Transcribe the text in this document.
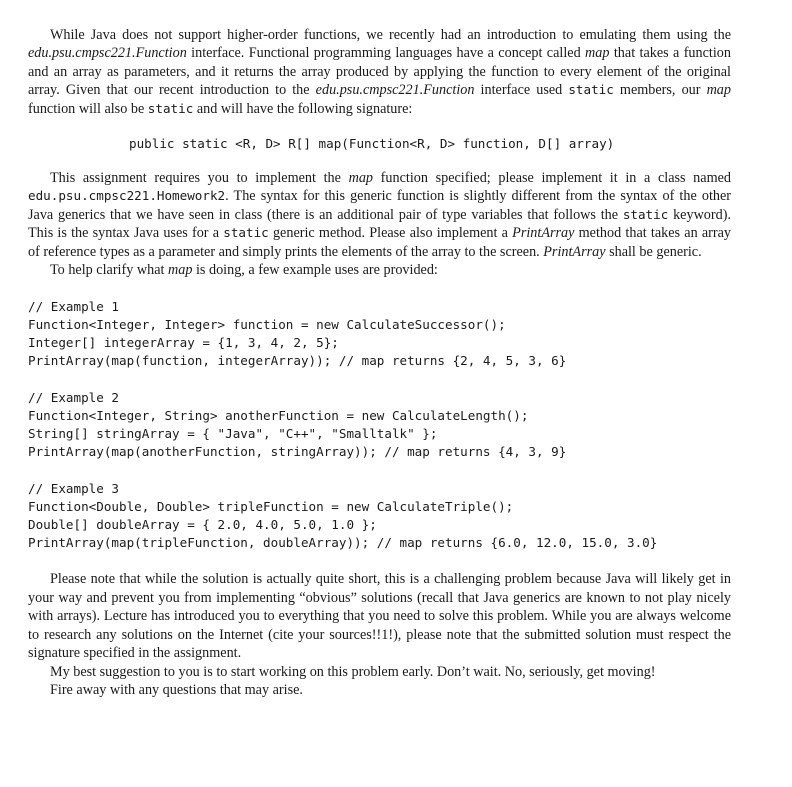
While Java does not support higher-order functions, we recently had an introduction to emulating them using the edu.psu.cmpsc221.Function interface. Functional programming languages have a concept called map that takes a function and an array as parameters, and it returns the array produced by applying the function to every element of the original array. Given that our recent introduction to the edu.psu.cmpsc221.Function interface used static members, our map function will also be static and will have the following signature:

public static <R, D> R[] map(Function<R, D> function, D[] array)

This assignment requires you to implement the map function specified; please implement it in a class named edu.psu.cmpsc221.Homework2. The syntax for this generic function is slightly different from the syntax of the other Java generics that we have seen in class (there is an additional pair of type variables that follows the static keyword). This is the syntax Java uses for a static generic method. Please also implement a PrintArray method that takes an array of reference types as a parameter and simply prints the elements of the array to the screen. PrintArray shall be generic.

To help clarify what map is doing, a few example uses are provided:

// Example 1
Function<Integer, Integer> function = new CalculateSuccessor();
Integer[] integerArray = {1, 3, 4, 2, 5};
PrintArray(map(function, integerArray)); // map returns {2, 4, 5, 3, 6}
// Example 2
Function<Integer, String> anotherFunction = new CalculateLength();
String[] stringArray = { "Java", "C++", "Smalltalk" };
PrintArray(map(anotherFunction, stringArray)); // map returns {4, 3, 9}
// Example 3
Function<Double, Double> tripleFunction = new CalculateTriple();
Double[] doubleArray = { 2.0, 4.0, 5.0, 1.0 };
PrintArray(map(tripleFunction, doubleArray)); // map returns {6.0, 12.0, 15.0, 3.0}

Please note that while the solution is actually quite short, this is a challenging problem because Java will likely get in your way and prevent you from implementing “obvious” solutions (recall that Java generics are known to not play nicely with arrays). Lecture has introduced you to everything that you need to solve this problem. While you are always welcome to research any solutions on the Internet (cite your sources!!1!), please note that the submitted solution must respect the signature specified in the assignment.

My best suggestion to you is to start working on this problem early. Don’t wait. No, seriously, get moving!

Fire away with any questions that may arise.
